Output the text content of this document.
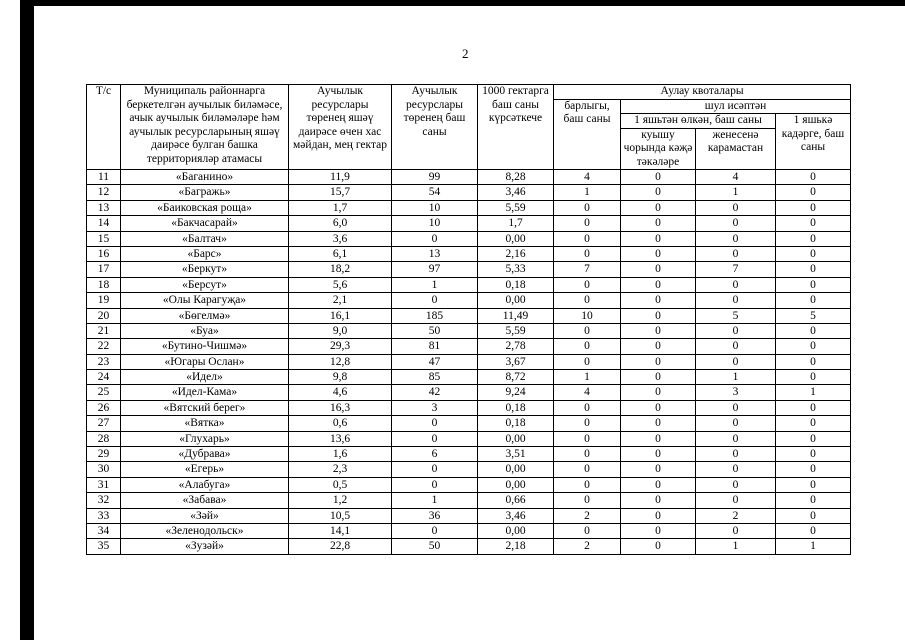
2
Т/с	Муниципаль районнарга беркетелгән аучылык биләмәсе, ачык аучылык биләмәләре һәм аучылык ресурсларының яшәү даирәсе булган башка территорияләр атамасы	Аучылык ресурслары төренең яшәү даирәсе өчен хас мәйдан, мең гектар	Аучылык ресурслары төренең баш саны	1000 гектарга баш саны күрсәткече	Аулау квоталары			
					барлыгы, баш саны	шул исәптән		
						1 яшьтән өлкән, баш саны		1 яшькә кадәрге, баш саны
						куышу чорында кәҗә тәкәләре	женесенә карамастан	
11	«Баганино»	11,9	99	8,28	4	0	4	0
12	«Багражь»	15,7	54	3,46	1	0	1	0
13	«Баиковская роща»	1,7	10	5,59	0	0	0	0
14	«Бакчасарай»	6,0	10	1,7	0	0	0	0
15	«Балтач»	3,6	0	0,00	0	0	0	0
16	«Барс»	6,1	13	2,16	0	0	0	0
17	«Беркут»	18,2	97	5,33	7	0	7	0
18	«Берсут»	5,6	1	0,18	0	0	0	0
19	«Олы Карагуҗа»	2,1	0	0,00	0	0	0	0
20	«Бөгелмә»	16,1	185	11,49	10	0	5	5
21	«Буа»	9,0	50	5,59	0	0	0	0
22	«Бутино-Чишмә»	29,3	81	2,78	0	0	0	0
23	«Югары Ослан»	12,8	47	3,67	0	0	0	0
24	«Идел»	9,8	85	8,72	1	0	1	0
25	«Идел-Кама»	4,6	42	9,24	4	0	3	1
26	«Вятский берег»	16,3	3	0,18	0	0	0	0
27	«Вятка»	0,6	0	0,18	0	0	0	0
28	«Глухарь»	13,6	0	0,00	0	0	0	0
29	«Дубрава»	1,6	6	3,51	0	0	0	0
30	«Егерь»	2,3	0	0,00	0	0	0	0
31	«Алабуга»	0,5	0	0,00	0	0	0	0
32	«Забава»	1,2	1	0,66	0	0	0	0
33	«Зәй»	10,5	36	3,46	2	0	2	0
34	«Зеленодольск»	14,1	0	0,00	0	0	0	0
35	«Зузәй»	22,8	50	2,18	2	0	1	1
